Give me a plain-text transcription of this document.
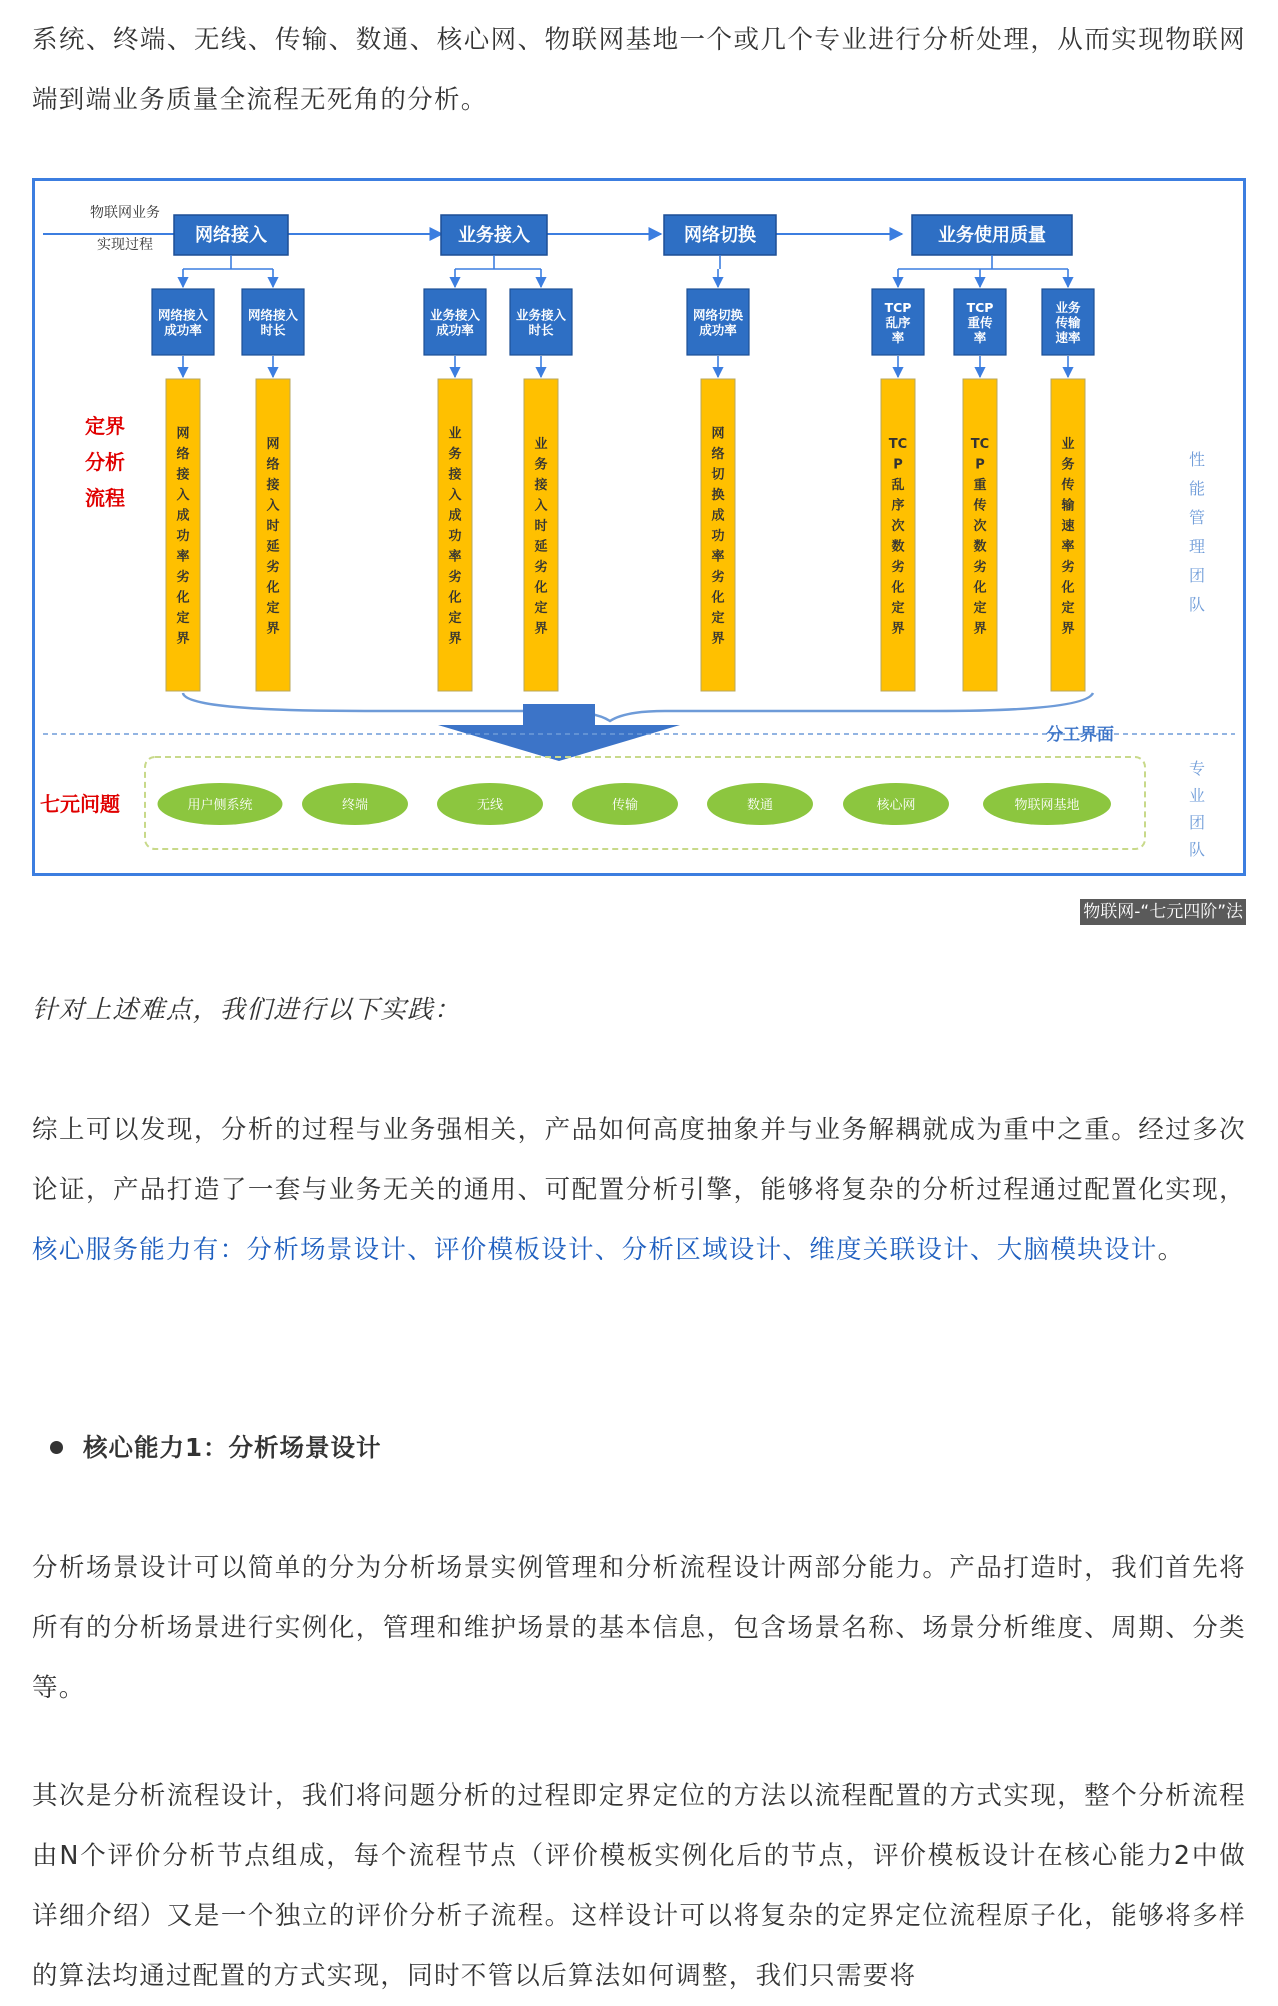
系统、终端、无线、传输、数通、核心网、物联网基地一个或几个专业进行分析处理，从而实现物联网端到端业务质量全流程无死角的分析。

物联网业务
实现过程 网络接入	业务接入	网络切换	业务使用质量
网络接入
成功率
网络接入
时长
业务接入
成功率
业务接入
时长
网络切换
成功率
TCP
乱序
率
TCP
重传
率
业务
传输
速率
网
络
接
入
成
功
率
劣
化
定
界
网
络
接
入
时
延
劣
化
定
界
业
务
接
入
成
功
率
劣
化
定
界
业
务
接
入
时
延
劣
化
定
界
网
络
切
换
成
功
率
劣
化
定
界
TC
P
乱
序
次
数
劣
化
定
界
TC
P
重
传
次
数
劣
化
定
界
业
务
传
输
速
率
劣
化
定
界
分工界面
用户侧系统	终端	无线	传输	数通	核心网	物联网基地
定界
分析
流程
七元问题
性
能
管
理
团
队
专
业
团
队
物联网-“七元四阶”法

针对上述难点，我们进行以下实践：

综上可以发现，分析的过程与业务强相关，产品如何高度抽象并与业务解耦就成为重中之重。经过多次论证，产品打造了一套与业务无关的通用、可配置分析引擎，能够将复杂的分析过程通过配置化实现，核心服务能力有：分析场景设计、评价模板设计、分析区域设计、维度关联设计、大脑模块设计。

核心能力1：分析场景设计

分析场景设计可以简单的分为分析场景实例管理和分析流程设计两部分能力。产品打造时，我们首先将所有的分析场景进行实例化，管理和维护场景的基本信息，包含场景名称、场景分析维度、周期、分类等。

其次是分析流程设计，我们将问题分析的过程即定界定位的方法以流程配置的方式实现，整个分析流程由N个评价分析节点组成，每个流程节点（评价模板实例化后的节点，评价模板设计在核心能力2中做详细介绍）又是一个独立的评价分析子流程。这样设计可以将复杂的定界定位流程原子化，能够将多样的算法均通过配置的方式实现，同时不管以后算法如何调整，我们只需要将
